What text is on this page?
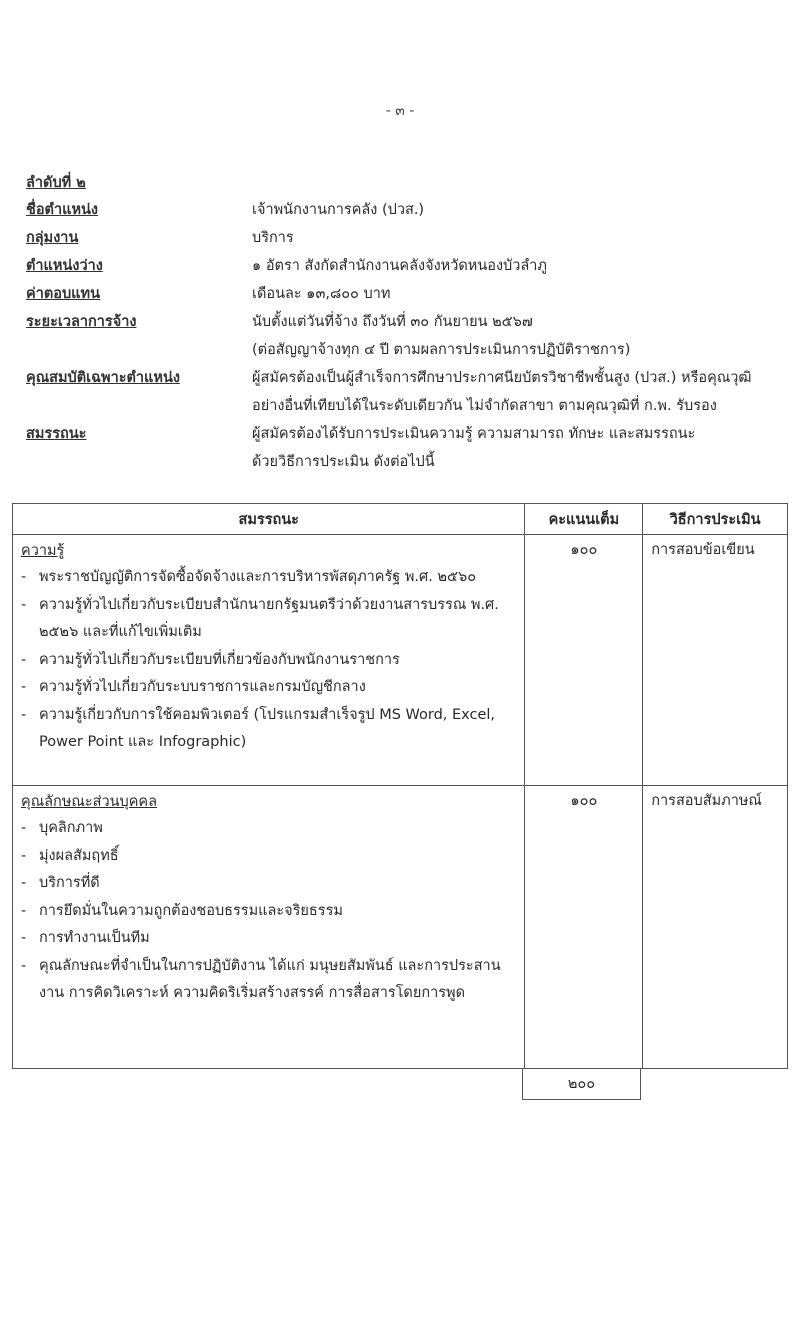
- ๓ -
ลำดับที่ ๒
ชื่อตำแหน่ง	เจ้าพนักงานการคลัง (ปวส.)
กลุ่มงาน	บริการ
ตำแหน่งว่าง	๑ อัตรา สังกัดสำนักงานคลังจังหวัดหนองบัวลำภู
ค่าตอบแทน	เดือนละ ๑๓,๘๐๐ บาท
ระยะเวลาการจ้าง	นับตั้งแต่วันที่จ้าง ถึงวันที่ ๓๐ กันยายน ๒๕๖๗
(ต่อสัญญาจ้างทุก ๔ ปี ตามผลการประเมินการปฏิบัติราชการ)
คุณสมบัติเฉพาะตำแหน่ง	ผู้สมัครต้องเป็นผู้สำเร็จการศึกษาประกาศนียบัตรวิชาชีพชั้นสูง (ปวส.) หรือคุณวุฒิ
อย่างอื่นที่เทียบได้ในระดับเดียวกัน ไม่จำกัดสาขา ตามคุณวุฒิที่ ก.พ. รับรอง
สมรรถนะ	ผู้สมัครต้องได้รับการประเมินความรู้ ความสามารถ ทักษะ และสมรรถนะ
ด้วยวิธีการประเมิน ดังต่อไปนี้
สมรรถนะ	คะแนนเต็ม	วิธีการประเมิน

ความรู้
- พระราชบัญญัติการจัดซื้อจัดจ้างและการบริหารพัสดุภาครัฐ พ.ศ. ๒๕๖๐
- ความรู้ทั่วไปเกี่ยวกับระเบียบสำนักนายกรัฐมนตรีว่าด้วยงานสารบรรณ พ.ศ. ๒๕๒๖ และที่แก้ไขเพิ่มเติม
- ความรู้ทั่วไปเกี่ยวกับระเบียบที่เกี่ยวข้องกับพนักงานราชการ
- ความรู้ทั่วไปเกี่ยวกับระบบราชการและกรมบัญชีกลาง
- ความรู้เกี่ยวกับการใช้คอมพิวเตอร์ (โปรแกรมสำเร็จรูป MS Word, Excel, Power Point และ Infographic)
	๑๐๐	การสอบข้อเขียน

คุณลักษณะส่วนบุคคล
- บุคลิกภาพ
- มุ่งผลสัมฤทธิ์
- บริการที่ดี
- การยึดมั่นในความถูกต้องชอบธรรมและจริยธรรม
- การทำงานเป็นทีม
- คุณลักษณะที่จำเป็นในการปฏิบัติงาน ได้แก่ มนุษยสัมพันธ์ และการประสานงาน การคิดวิเคราะห์ ความคิดริเริ่มสร้างสรรค์ การสื่อสารโดยการพูด
	๑๐๐	การสอบสัมภาษณ์
๒๐๐
